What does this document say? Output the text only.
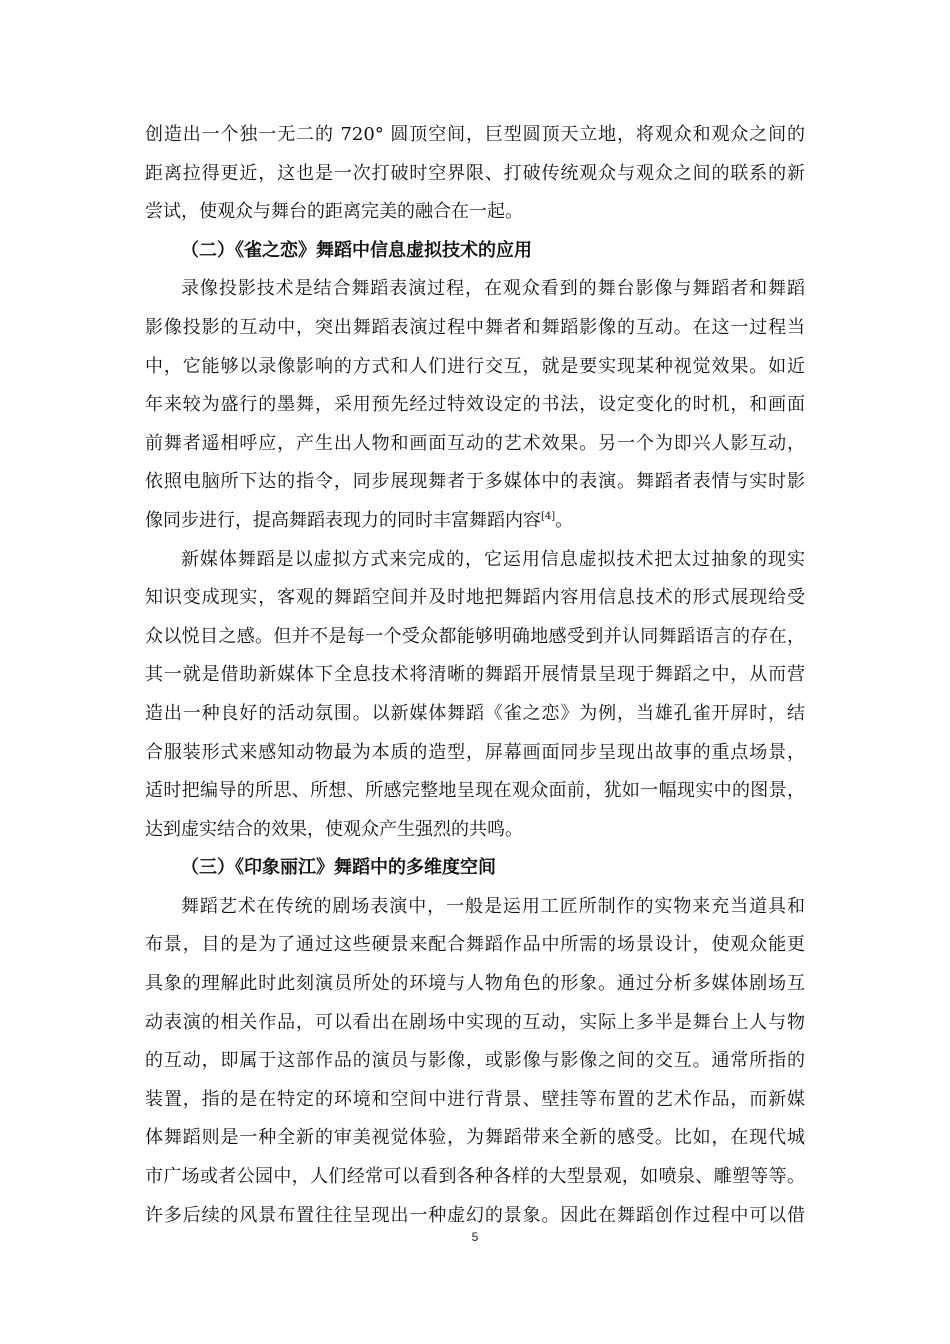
创造出一个独一无二的 720° 圆顶空间，巨型圆顶天立地，将观众和观众之间的
距离拉得更近，这也是一次打破时空界限、打破传统观众与观众之间的联系的新
尝试，使观众与舞台的距离完美的融合在一起。
（二）《雀之恋》舞蹈中信息虚拟技术的应用
录像投影技术是结合舞蹈表演过程，在观众看到的舞台影像与舞蹈者和舞蹈
影像投影的互动中，突出舞蹈表演过程中舞者和舞蹈影像的互动。在这一过程当
中，它能够以录像影响的方式和人们进行交互，就是要实现某种视觉效果。如近
年来较为盛行的墨舞，采用预先经过特效设定的书法，设定变化的时机，和画面
前舞者遥相呼应，产生出人物和画面互动的艺术效果。另一个为即兴人影互动，
依照电脑所下达的指令，同步展现舞者于多媒体中的表演。舞蹈者表情与实时影
像同步进行，提高舞蹈表现力的同时丰富舞蹈内容[4]。
新媒体舞蹈是以虚拟方式来完成的，它运用信息虚拟技术把太过抽象的现实
知识变成现实，客观的舞蹈空间并及时地把舞蹈内容用信息技术的形式展现给受
众以悦目之感。但并不是每一个受众都能够明确地感受到并认同舞蹈语言的存在，
其一就是借助新媒体下全息技术将清晰的舞蹈开展情景呈现于舞蹈之中，从而营
造出一种良好的活动氛围。以新媒体舞蹈《雀之恋》为例，当雄孔雀开屏时，结
合服装形式来感知动物最为本质的造型，屏幕画面同步呈现出故事的重点场景，
适时把编导的所思、所想、所感完整地呈现在观众面前，犹如一幅现实中的图景，
达到虚实结合的效果，使观众产生强烈的共鸣。
（三）《印象丽江》舞蹈中的多维度空间
舞蹈艺术在传统的剧场表演中，一般是运用工匠所制作的实物来充当道具和
布景，目的是为了通过这些硬景来配合舞蹈作品中所需的场景设计，使观众能更
具象的理解此时此刻演员所处的环境与人物角色的形象。通过分析多媒体剧场互
动表演的相关作品，可以看出在剧场中实现的互动，实际上多半是舞台上人与物
的互动，即属于这部作品的演员与影像，或影像与影像之间的交互。通常所指的
装置，指的是在特定的环境和空间中进行背景、壁挂等布置的艺术作品，而新媒
体舞蹈则是一种全新的审美视觉体验，为舞蹈带来全新的感受。比如，在现代城
市广场或者公园中，人们经常可以看到各种各样的大型景观，如喷泉、雕塑等等。
许多后续的风景布置往往呈现出一种虚幻的景象。因此在舞蹈创作过程中可以借
5
